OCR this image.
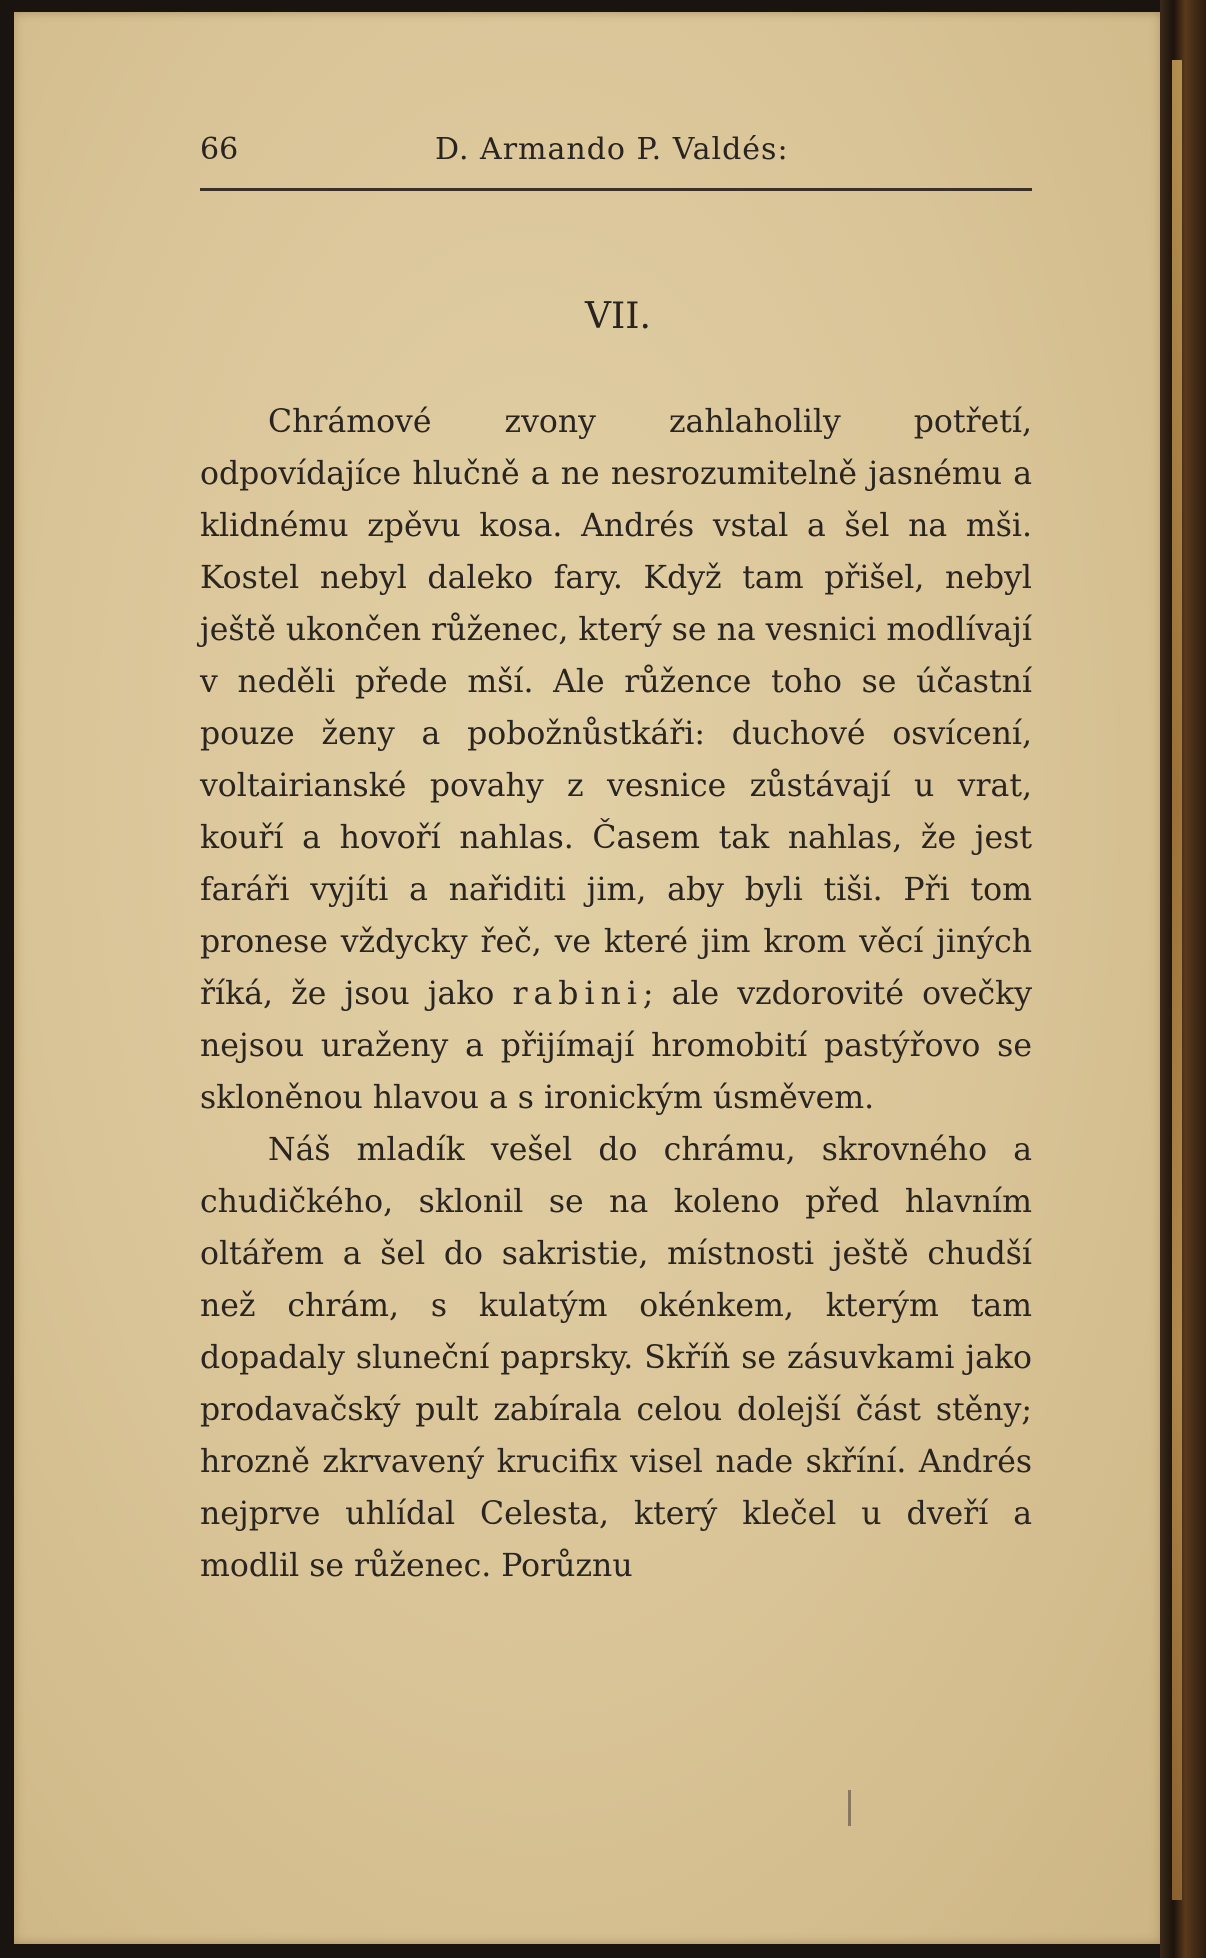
66	D. Armando P. Valdés:
VII.

Chrámové zvony zahlaholily potřetí, odpovídajíce hlučně a ne nesrozumitelně jasnému a klidnému zpěvu kosa. Andrés vstal a šel na mši. Kostel nebyl daleko fary. Když tam přišel, nebyl ještě ukončen růženec, který se na vesnici modlívají v neděli přede mší. Ale růžence toho se účastní pouze ženy a pobožnůstkáři: duchové osvícení, voltairianské povahy z vesnice zůstávají u vrat, kouří a hovoří nahlas. Časem tak nahlas, že jest faráři vyjíti a nařiditi jim, aby byli tiši. Při tom pronese vždycky řeč, ve které jim krom věcí jiných říká, že jsou jako rabini; ale vzdorovité ovečky nejsou uraženy a přijímají hromobití pastýřovo se skloněnou hlavou a s ironickým úsměvem.

Náš mladík vešel do chrámu, skrovného a chudičkého, sklonil se na koleno před hlavním oltářem a šel do sakristie, místnosti ještě chudší než chrám, s kulatým okénkem, kterým tam dopadaly sluneční paprsky. Skříň se zásuvkami jako prodavačský pult zabírala celou dolejší část stěny; hrozně zkrvavený krucifix visel nade skříní. Andrés nejprve uhlídal Celesta, který klečel u dveří a modlil se růženec. Porůznu
